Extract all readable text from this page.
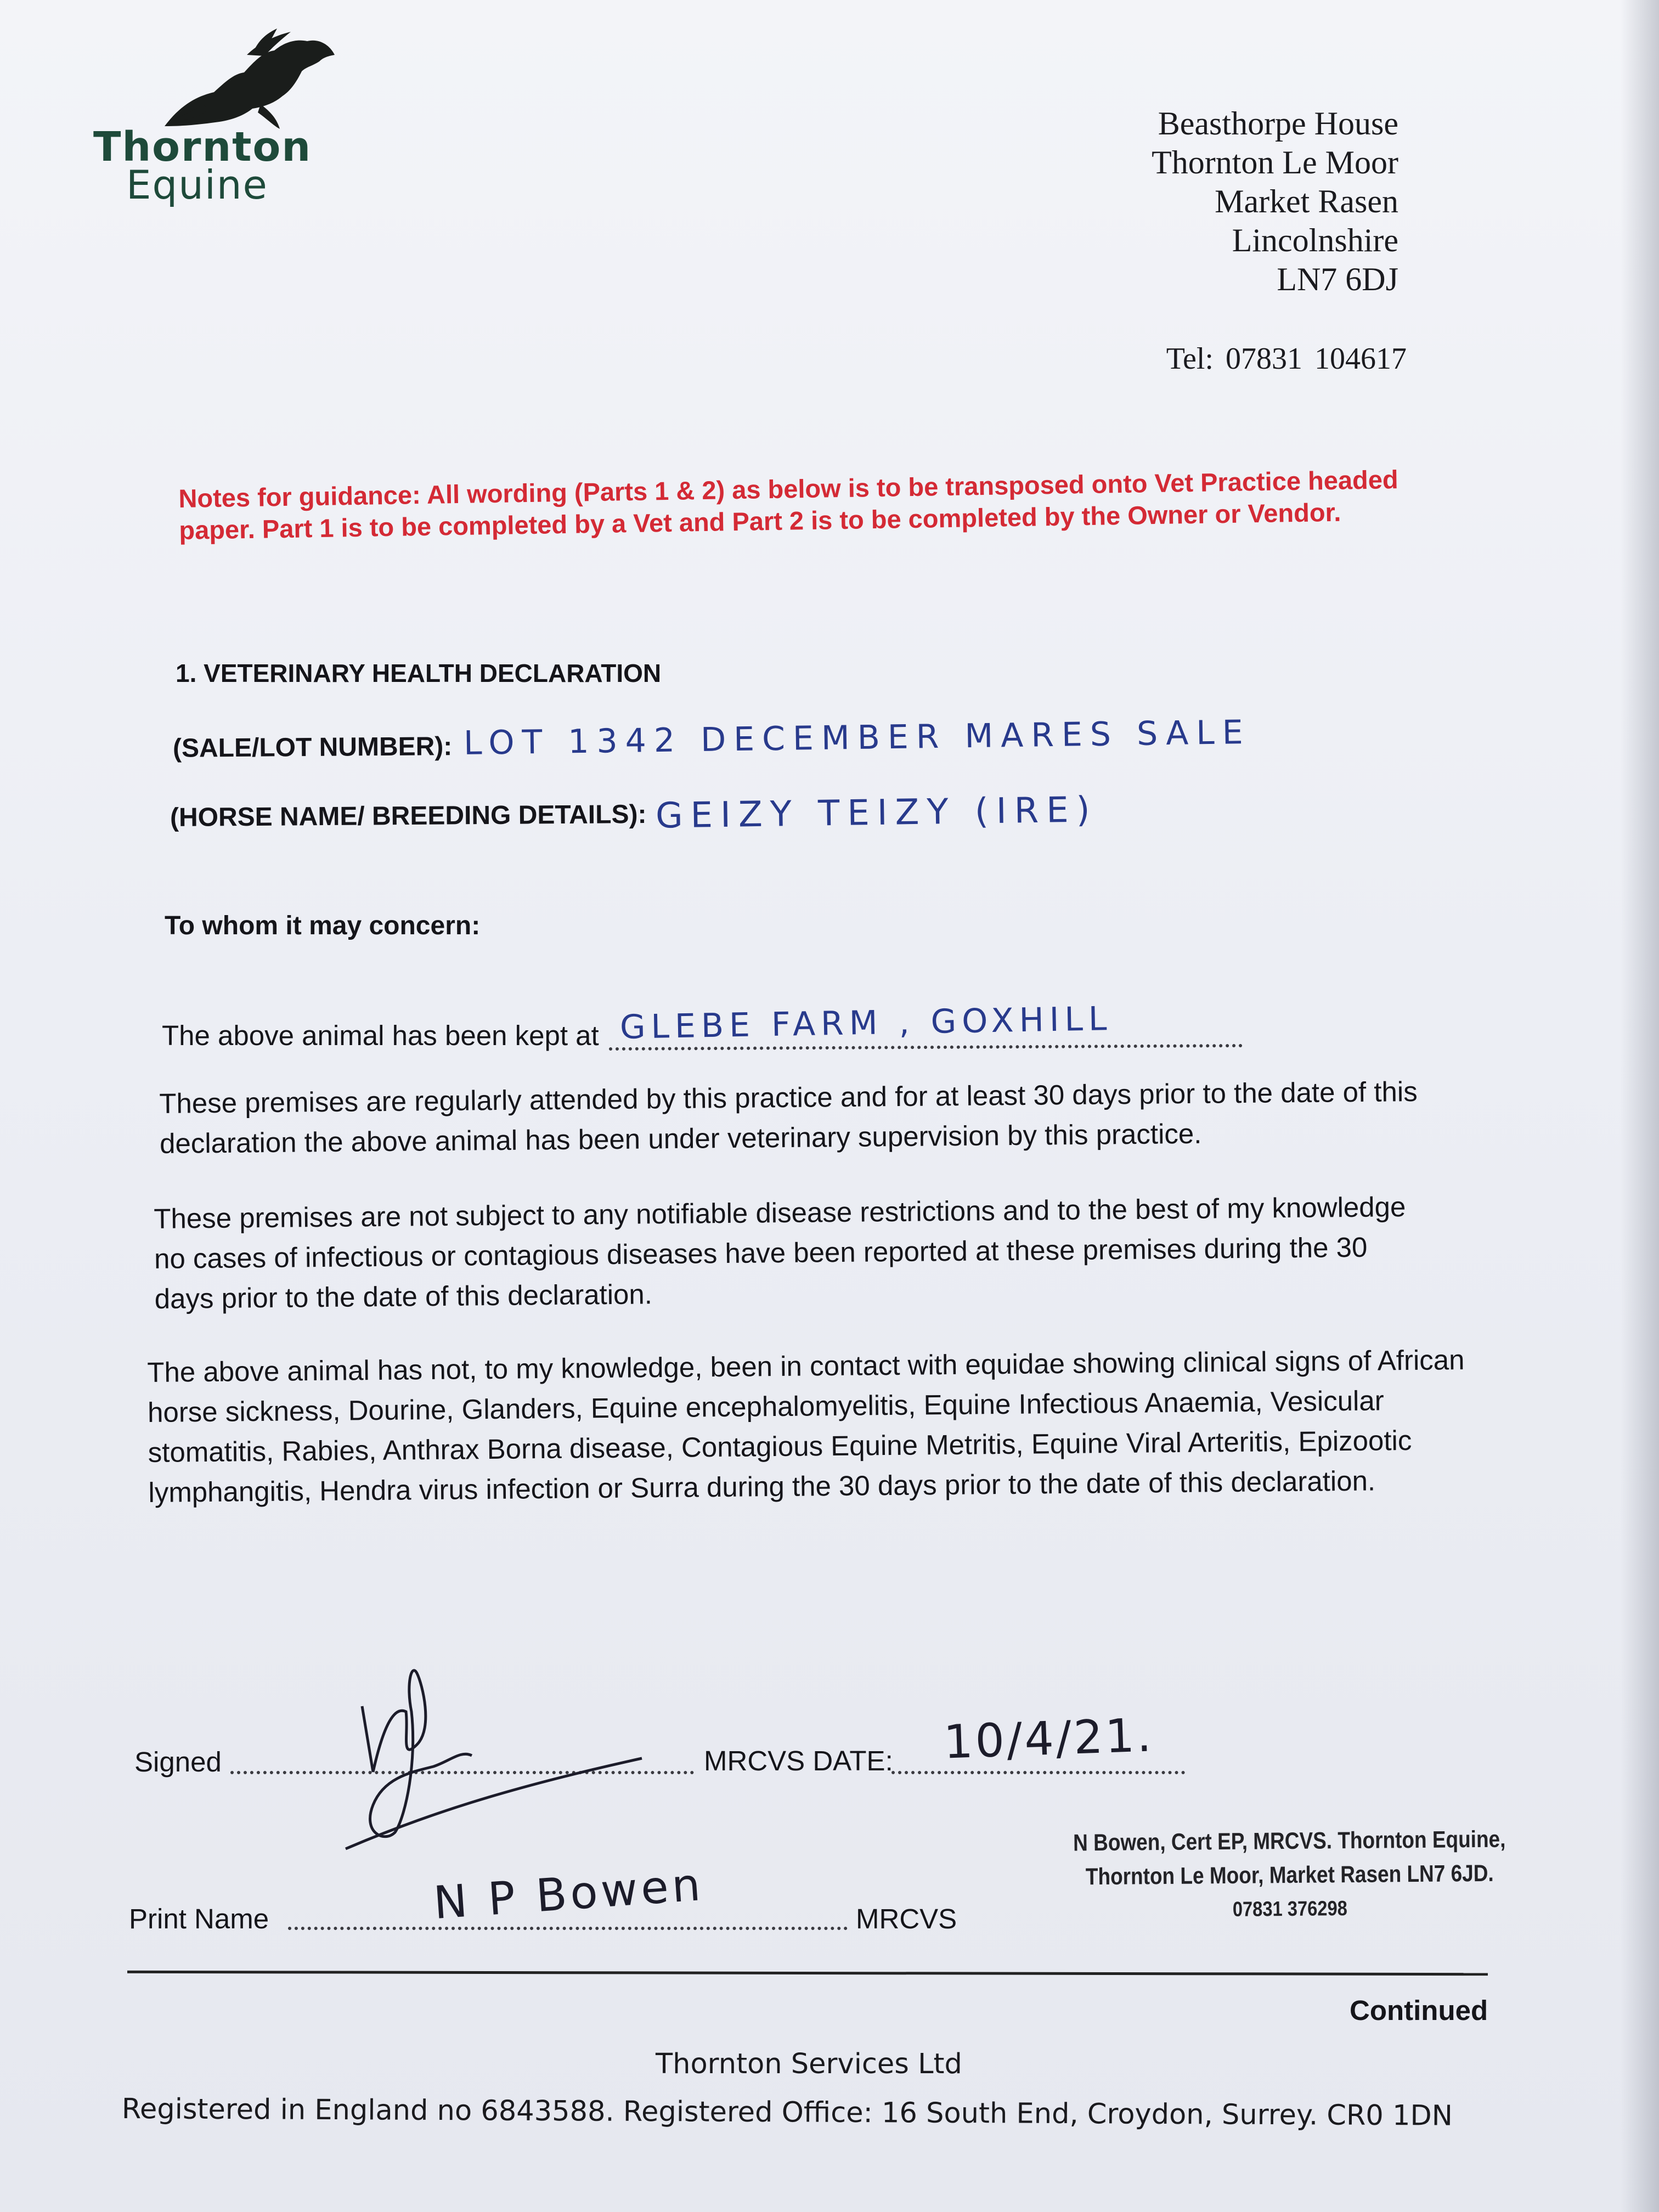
Thornton
Equine
Beasthorpe House
Thornton Le Moor
Market Rasen
Lincolnshire
LN7 6DJ
Tel: 07831 104617
Notes for guidance: All wording (Parts 1 & 2) as below is to be transposed onto Vet Practice headed paper. Part 1 is to be completed by a Vet and Part 2 is to be completed by the Owner or Vendor.
1. VETERINARY HEALTH DECLARATION
(SALE/LOT NUMBER): LOT 1342 DECEMBER MARES SALE
(HORSE NAME/ BREEDING DETAILS): GEIZY TEIZY (IRE)
To whom it may concern:
The above animal has been kept at GLEBE FARM , GOXHILL
These premises are regularly attended by this practice and for at least 30 days prior to the date of this declaration the above animal has been under veterinary supervision by this practice.
These premises are not subject to any notifiable disease restrictions and to the best of my knowledge no cases of infectious or contagious diseases have been reported at these premises during the 30 days prior to the date of this declaration.
The above animal has not, to my knowledge, been in contact with equidae showing clinical signs of African horse sickness, Dourine, Glanders, Equine encephalomyelitis, Equine Infectious Anaemia, Vesicular stomatitis, Rabies, Anthrax Borna disease, Contagious Equine Metritis, Equine Viral Arteritis, Epizootic lymphangitis, Hendra virus infection or Surra during the 30 days prior to the date of this declaration.
Signed	MRCVS DATE: 10/4/21.
Print Name	N P Bowen	MRCVS
N Bowen, Cert EP, MRCVS. Thornton Equine,
Thornton Le Moor, Market Rasen LN7 6JD.
07831 376298
Continued
Thornton Services Ltd
Registered in England no 6843588. Registered Office: 16 South End, Croydon, Surrey. CR0 1DN
